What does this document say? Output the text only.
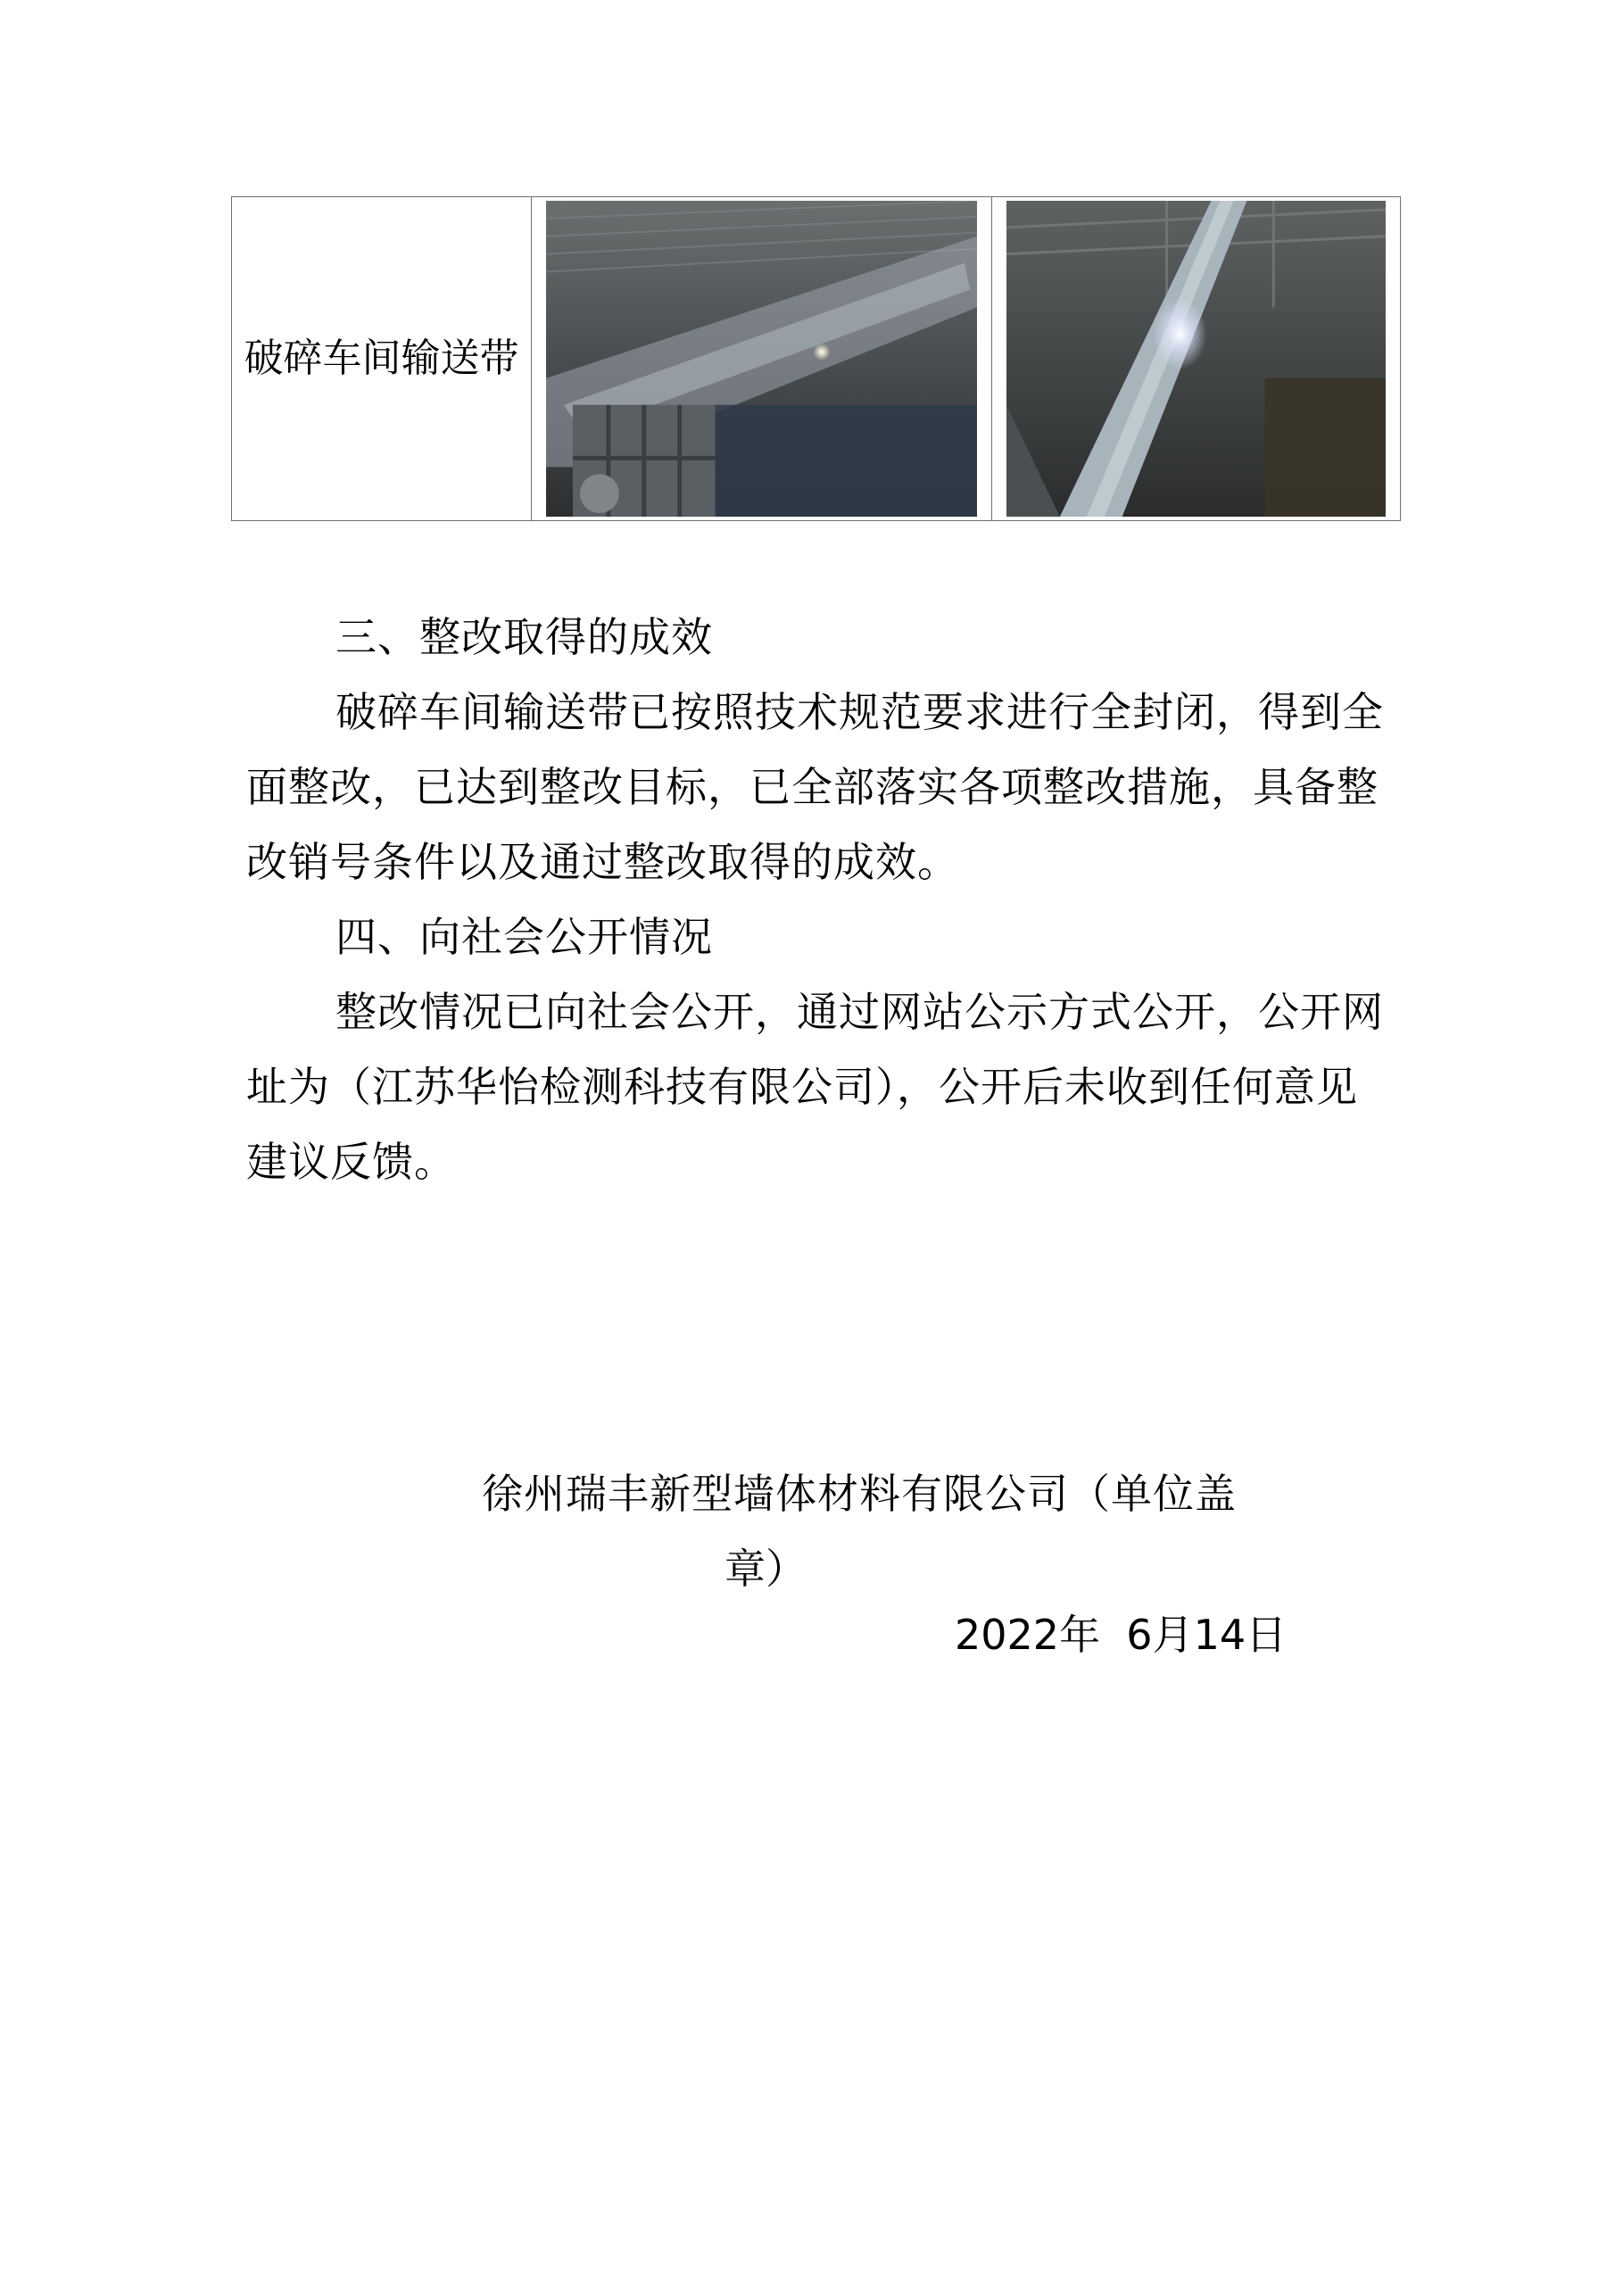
破碎车间输送带	

三、整改取得的成效

破碎车间输送带已按照技术规范要求进行全封闭，得到全面整改，已达到整改目标，已全部落实各项整改措施，具备整改销号条件以及通过整改取得的成效。

四、向社会公开情况

整改情况已向社会公开，通过网站公示方式公开，公开网址为（江苏华怡检测科技有限公司），公开后未收到任何意见建议反馈。

徐州瑞丰新型墙体材料有限公司（单位盖

章）

2022年  6月14日
